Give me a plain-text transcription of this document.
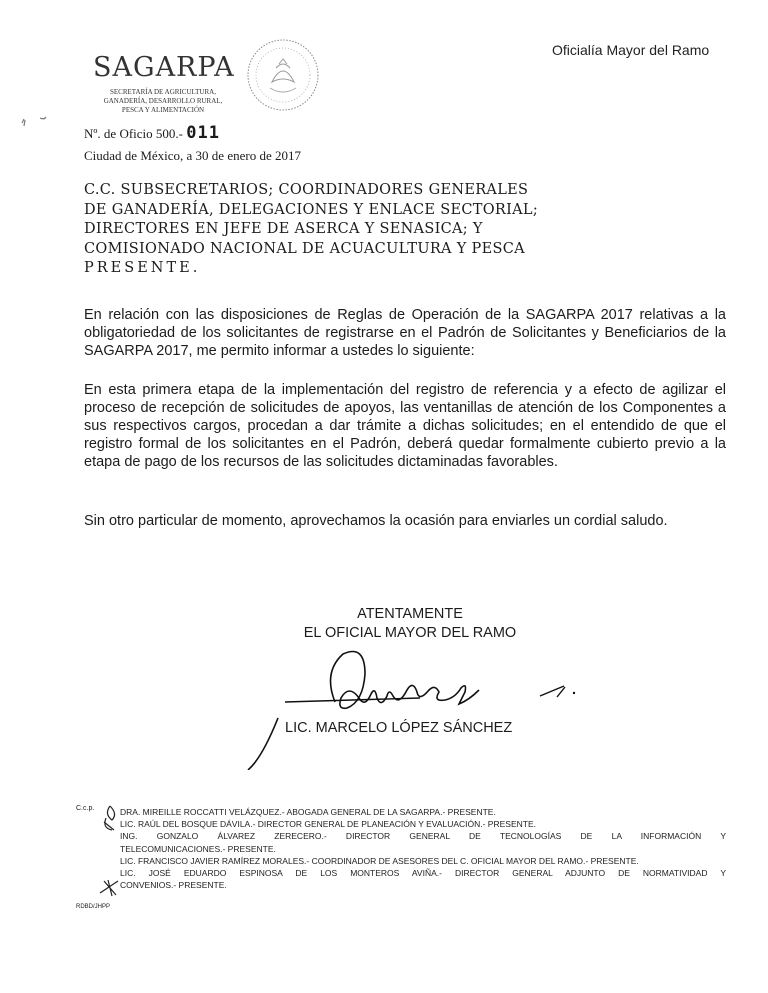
SAGARPA
SECRETARÍA DE AGRICULTURA, GANADERÍA, DESARROLLO RURAL, PESCA Y ALIMENTACIÓN
Oficialía Mayor del Ramo
Nº. de Oficio 500.- 011
Ciudad de México, a 30 de enero de 2017
C.C. SUBSECRETARIOS; COORDINADORES GENERALES
DE GANADERÍA, DELEGACIONES Y ENLACE SECTORIAL;
DIRECTORES EN JEFE DE ASERCA Y SENASICA; Y
COMISIONADO NACIONAL DE ACUACULTURA Y PESCA
PRESENTE.
En relación con las disposiciones de Reglas de Operación de la SAGARPA 2017 relativas a la obligatoriedad de los solicitantes de registrarse en el Padrón de Solicitantes y Beneficiarios de la SAGARPA 2017, me permito informar a ustedes lo siguiente:
En esta primera etapa de la implementación del registro de referencia y a efecto de agilizar el proceso de recepción de solicitudes de apoyos, las ventanillas de atención de los Componentes a sus respectivos cargos, procedan a dar trámite a dichas solicitudes; en el entendido de que el registro formal de los solicitantes en el Padrón, deberá quedar formalmente cubierto previo a la etapa de pago de los recursos de las solicitudes dictaminadas favorables.
Sin otro particular de momento, aprovechamos la ocasión para enviarles un cordial saludo.
ATENTAMENTE
EL OFICIAL MAYOR DEL RAMO
LIC. MARCELO LÓPEZ SÁNCHEZ
C.c.p.	DRA. MIREILLE ROCCATTI VELÁZQUEZ.- ABOGADA GENERAL DE LA SAGARPA.- PRESENTE.
LIC. RAÚL DEL BOSQUE DÁVILA.- DIRECTOR GENERAL DE PLANEACIÓN Y EVALUACIÓN.- PRESENTE.
ING. GONZALO ÁLVAREZ ZERECERO.- DIRECTOR GENERAL DE TECNOLOGÍAS DE LA INFORMACIÓN Y
TELECOMUNICACIONES.- PRESENTE.
LIC. FRANCISCO JAVIER RAMÍREZ MORALES.- COORDINADOR DE ASESORES DEL C. OFICIAL MAYOR DEL RAMO.- PRESENTE.
LIC. JOSÉ EDUARDO ESPINOSA DE LOS MONTEROS AVIÑA.- DIRECTOR GENERAL ADJUNTO DE NORMATIVIDAD Y
CONVENIOS.- PRESENTE.
RDBD/JHPP
